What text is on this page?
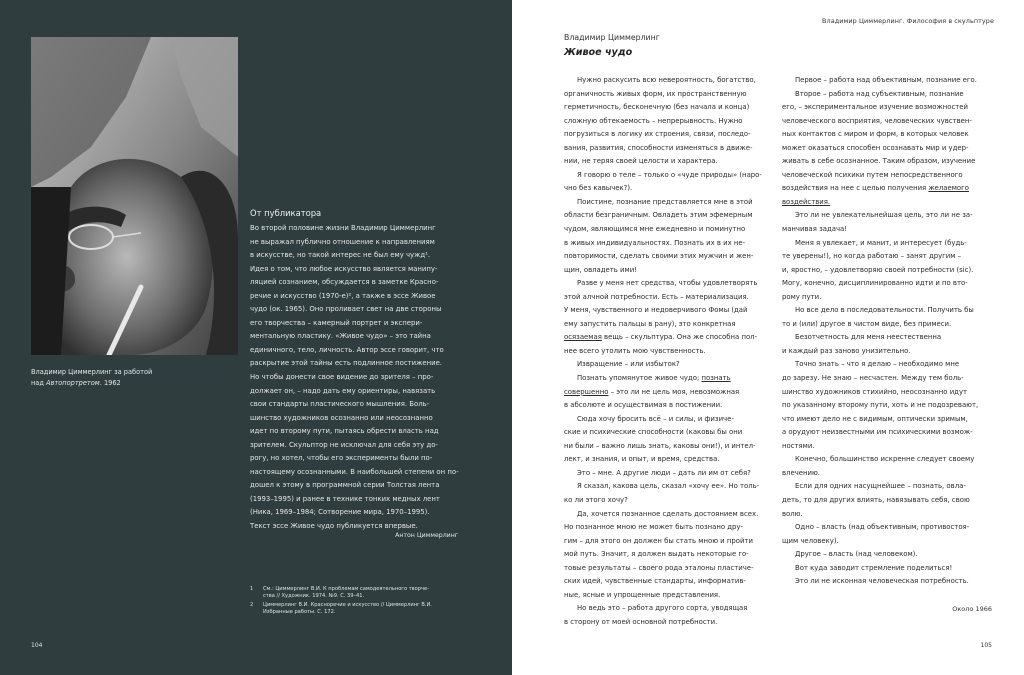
Владимир Циммерлинг за работой
над Автопортретом. 1962
От публикатора
Во второй половине жизни Владимир Циммерлинг
не выражал публично отношение к направлениям
в искусстве, но такой интерес не был ему чужд¹.
Идея о том, что любое искусство является манипу-
ляцией сознанием, обсуждается в заметке Красно-
речие и искусство (1970-е)², а также в эссе Живое
чудо (ок. 1965). Оно проливает свет на две стороны
его творчества – камерный портрет и экспери-
ментальную пластику. «Живое чудо» – это тайна
единичного, тело, личность. Автор эссе говорит, что
раскрытие этой тайны есть подлинное постижение.
Но чтобы донести свое видение до зрителя – про-
должает он, – надо дать ему ориентиры, навязать
свои стандарты пластического мышления. Боль-
шинство художников осознанно или неосознанно
идет по второму пути, пытаясь обрести власть над
зрителем. Скульптор не исключал для себя эту до-
рогу, но хотел, чтобы его эксперименты были по-
настоящему осознанными. В наибольшей степени он по-
дошел к этому в программной серии Толстая лента
(1993–1995) и ранее в технике тонких медных лент
(Ника, 1969–1984; Сотворение мира, 1970–1995).
Текст эссе Живое чудо публикуется впервые.
Антон Циммерлинг
1 См.: Циммерлинг В.И. К проблемам самодеятельного творче-
ства // Художник. 1974. №9. С. 39–41.
2 Циммерлинг В.И. Красноречие и искусство // Циммерлинг В.И.
Избранные работы. С. 172.
104
Владимир Циммерлинг. Философия в скульптуре
Владимир Циммерлинг
Живое чудо
Нужно раскусить всю невероятность, богатство,
органичность живых форм, их пространственную
герметичность, бесконечную (без начала и конца)
сложную обтекаемость – непрерывность. Нужно
погрузиться в логику их строения, связи, последо-
вания, развития, способности изменяться в движе-
нии, не теряя своей целости и характера.
Я говорю о теле – только о «чуде природы» (наро-
чно без кавычек?).
Поистине, познание представляется мне в этой
области безграничным. Овладеть этим эфемерным
чудом, являющимся мне ежедневно и поминутно
в живых индивидуальностях. Познать их в их не-
повторимости, сделать своими этих мужчин и жен-
щин, овладеть ими!
Разве у меня нет средства, чтобы удовлетворять
этой алчной потребности. Есть – материализация.
У меня, чувственного и недоверчивого Фомы (дай
ему запустить пальцы в рану), это конкретная
осязаемая вещь – скульптура. Она же способна пол-
нее всего утолить мою чувственность.
Извращение – или избыток?
Познать упомянутое живое чудо; познать
совершенно – это ли не цель моя, невозможная
в абсолюте и осуществимая в постижении.
Сюда хочу бросить всё – и силы, и физиче-
ские и психические способности (каковы бы они
ни были – важно лишь знать, каковы они!), и интел-
лект, и знания, и опыт, и время, средства.
Это – мне. А другие люди – дать ли им от себя?
Я сказал, какова цель, сказал «хочу ее». Но толь-
ко ли этого хочу?
Да, хочется познанное сделать достоянием всех.
Но познанное мною не может быть познано дру-
гим – для этого он должен бы стать мною и пройти
мой путь. Значит, я должен выдать некоторые го-
товые результаты – своего рода эталоны пластиче-
ских идей, чувственные стандарты, информатив-
ные, ясные и упрощенные представления.
Но ведь это – работа другого сорта, уводящая
в сторону от моей основной потребности.
Первое – работа над объективным, познание его.
Второе – работа над субъективным, познание
его, – экспериментальное изучение возможностей
человеческого восприятия, человеческих чувствен-
ных контактов с миром и форм, в которых человек
может оказаться способен осознавать мир и удер-
живать в себе осознанное. Таким образом, изучение
человеческой психики путем непосредственного
воздействия на нее с целью получения желаемого
воздействия.
Это ли не увлекательнейшая цель, это ли не за-
манчивая задача!
Меня я увлекает, и манит, и интересует (будь-
те уверены!), но когда работаю – занят другим –
и, яростно, – удовлетворяю своей потребности (sic).
Могу, конечно, дисциплинированно идти и по вто-
рому пути.
Но все дело в последовательности. Получить бы
то и (или) другое в чистом виде, без примеси.
Безотчетность для меня неестественна
и каждый раз заново унизительно.
Точно знать – что я делаю – необходимо мне
до зарезу. Не знаю – несчастен. Между тем боль-
шинство художников стихийно, неосознанно идут
по указанному второму пути, хоть и не подозревают,
что имеют дело не с видимым, оптически зримым,
а орудуют неизвестными им психическими возмож-
ностями.
Конечно, большинство искренне следует своему
влечению.
Если для одних насущнейшее – познать, овла-
деть, то для других влиять, навязывать себя, свою
волю.
Одно – власть (над объективным, противостоя-
щим человеку).
Другое – власть (над человеком).
Вот куда заводит стремление поделиться!
Это ли не исконная человеческая потребность.
Около 1966
105
